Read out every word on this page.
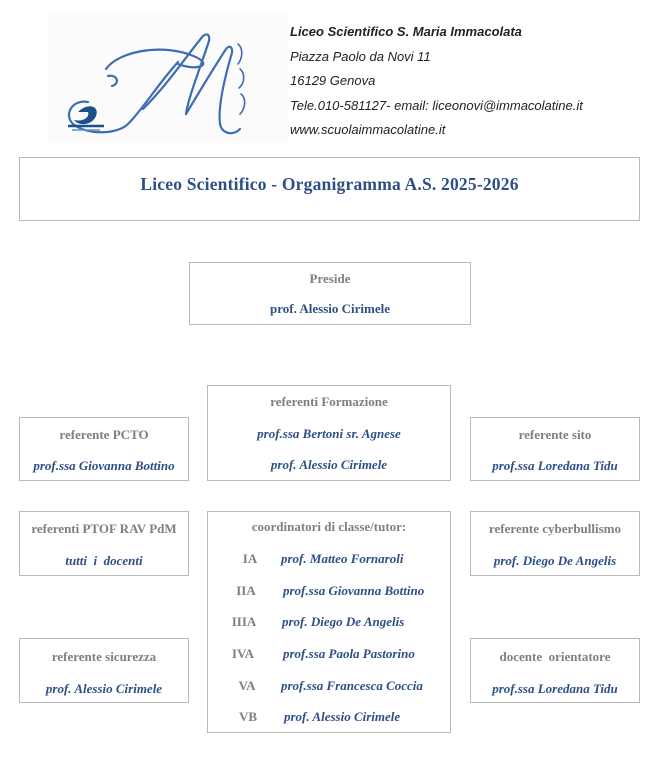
Liceo Scientifico S. Maria Immacolata
Piazza Paolo da Novi 11
16129 Genova
Tele.010-581127- email: liceonovi@immacolatine.it
www.scuolaimmacolatine.it
Liceo Scientifico - Organigramma A.S. 2025-2026
Preside
prof. Alessio Cirimele
referenti Formazione
prof.ssa Bertoni sr. Agnese
prof. Alessio Cirimele
referente PCTO
prof.ssa Giovanna Bottino
referente sito
prof.ssa Loredana Tidu
referenti PTOF RAV PdM
tutti  i  docenti
coordinatori di classe/tutor:
IA	prof. Matteo Fornaroli
IIA	prof.ssa Giovanna Bottino
IIIA	prof. Diego De Angelis
IVA	prof.ssa Paola Pastorino
VA	prof.ssa Francesca Coccia
VB	prof. Alessio Cirimele
referente cyberbullismo
prof. Diego De Angelis
referente sicurezza
prof. Alessio Cirimele
docente  orientatore
prof.ssa Loredana Tidu
